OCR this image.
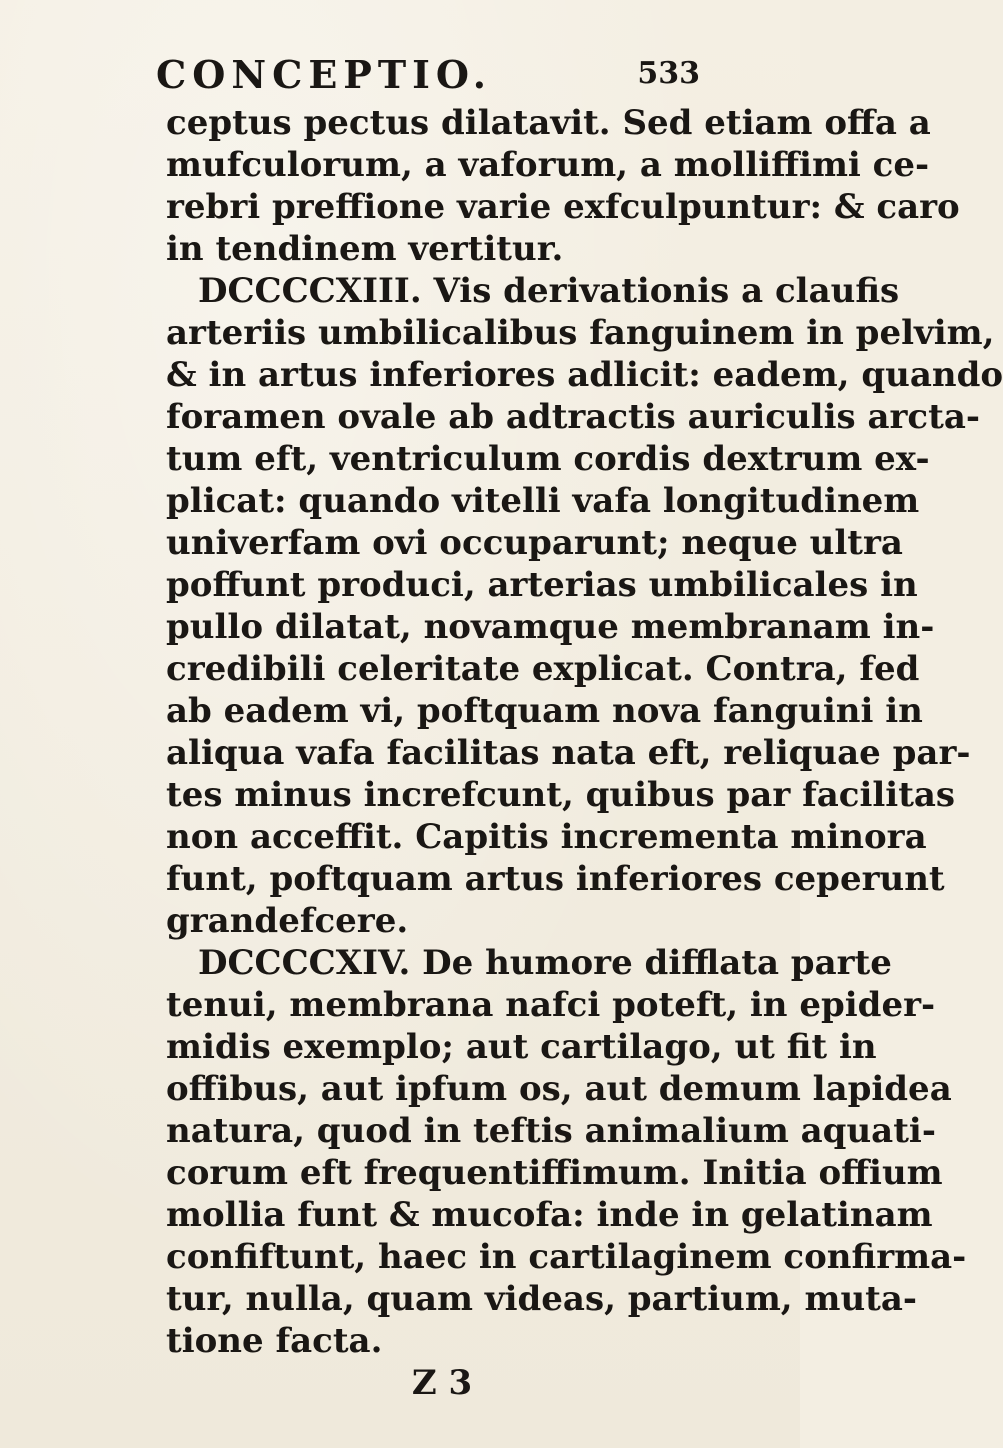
CONCEPTIO.	533
ceptus pectus dilatavit. Sed etiam offa a
mufculorum, a vaforum, a molliffimi ce-
rebri preffione varie exfculpuntur: & caro
in tendinem vertitur.
DCCCCXIII. Vis derivationis a claufis
arteriis umbilicalibus fanguinem in pelvim,
& in artus inferiores adlicit: eadem, quando
foramen ovale ab adtractis auriculis arcta-
tum eft, ventriculum cordis dextrum ex-
plicat: quando vitelli vafa longitudinem
univerfam ovi occuparunt; neque ultra
poffunt produci, arterias umbilicales in
pullo dilatat, novamque membranam in-
credibili celeritate explicat. Contra, fed
ab eadem vi, poftquam nova fanguini in
aliqua vafa facilitas nata eft, reliquae par-
tes minus increfcunt, quibus par facilitas
non acceffit. Capitis incrementa minora
funt, poftquam artus inferiores ceperunt
grandefcere.
DCCCCXIV. De humore difflata parte
tenui, membrana nafci poteft, in epider-
midis exemplo; aut cartilago, ut fit in
offibus, aut ipfum os, aut demum lapidea
natura, quod in teftis animalium aquati-
corum eft frequentiffimum. Initia offium
mollia funt & mucofa: inde in gelatinam
confiftunt, haec in cartilaginem confirma-
tur, nulla, quam videas, partium, muta-
tione facta.
Z 3
